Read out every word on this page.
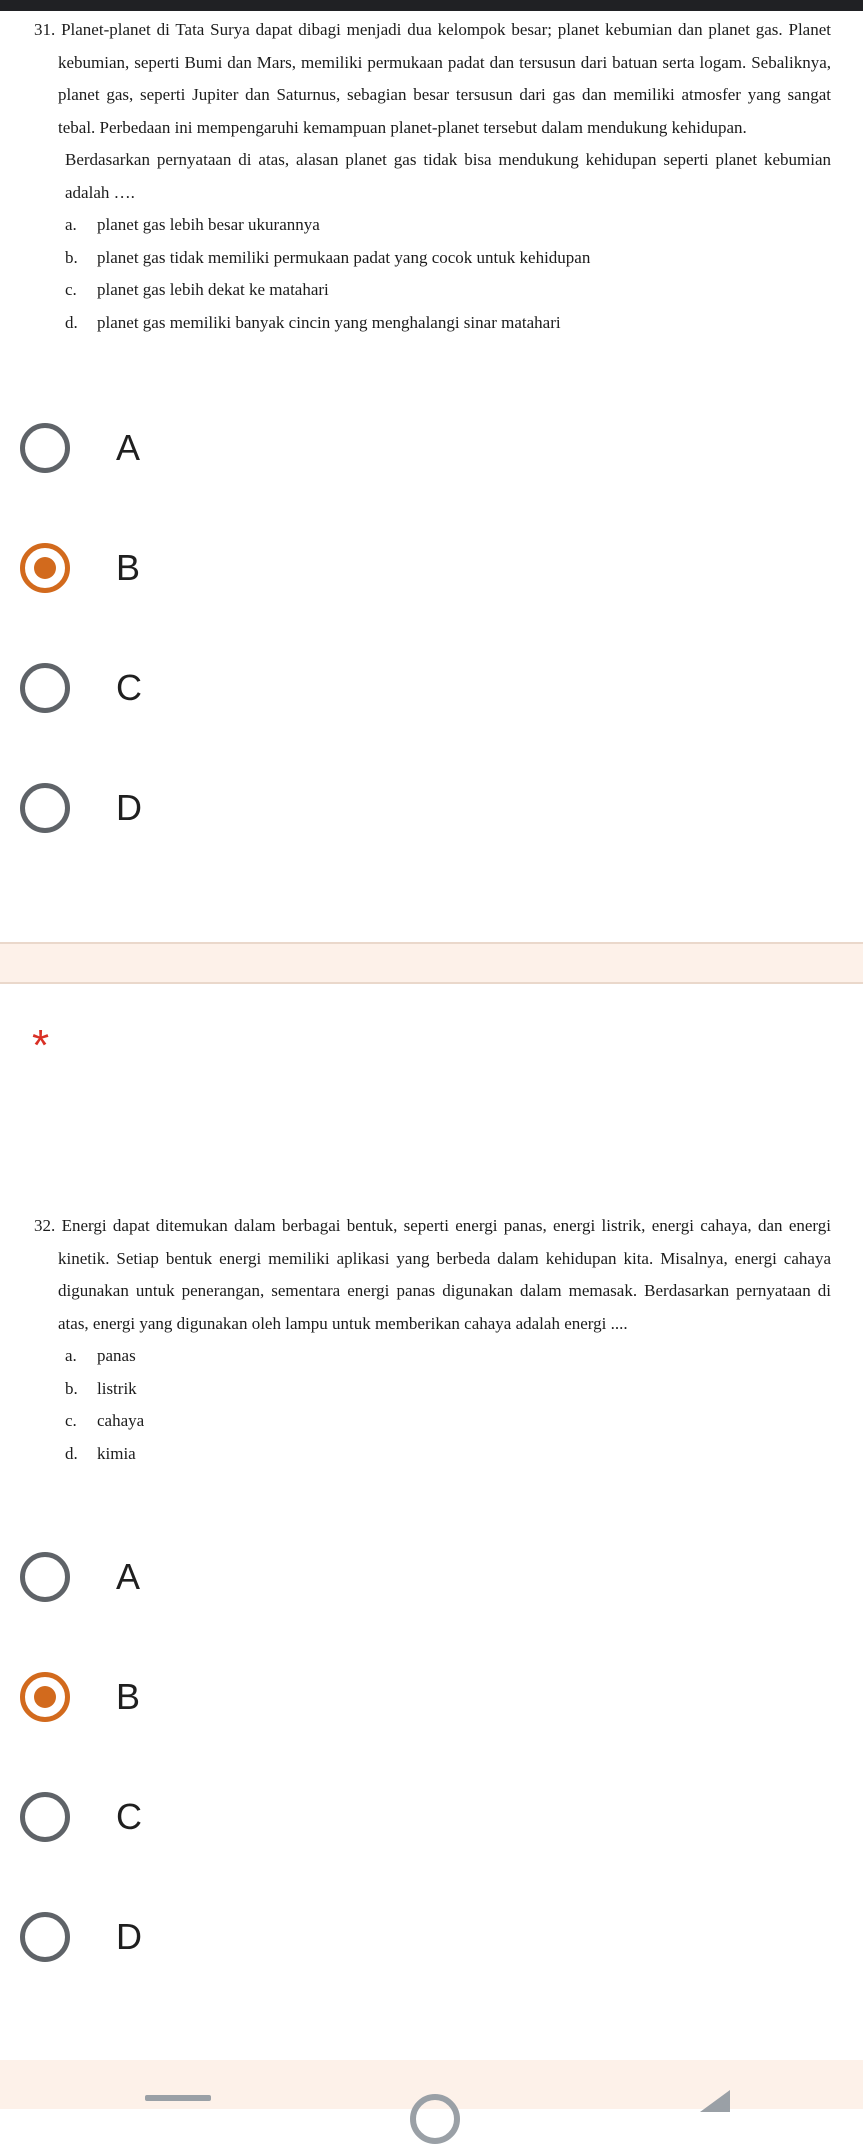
31. Planet-planet di Tata Surya dapat dibagi menjadi dua kelompok besar; planet kebumian dan planet gas. Planet kebumian, seperti Bumi dan Mars, memiliki permukaan padat dan tersusun dari batuan serta logam. Sebaliknya, planet gas, seperti Jupiter dan Saturnus, sebagian besar tersusun dari gas dan memiliki atmosfer yang sangat tebal. Perbedaan ini mempengaruhi kemampuan planet-planet tersebut dalam mendukung kehidupan.
Berdasarkan pernyataan di atas, alasan planet gas tidak bisa mendukung kehidupan seperti planet kebumian adalah ….
a. planet gas lebih besar ukurannya
b. planet gas tidak memiliki permukaan padat yang cocok untuk kehidupan
c. planet gas lebih dekat ke matahari
d. planet gas memiliki banyak cincin yang menghalangi sinar matahari
A
B
C
D
*
32. Energi dapat ditemukan dalam berbagai bentuk, seperti energi panas, energi listrik, energi cahaya, dan energi kinetik. Setiap bentuk energi memiliki aplikasi yang berbeda dalam kehidupan kita. Misalnya, energi cahaya digunakan untuk penerangan, sementara energi panas digunakan dalam memasak. Berdasarkan pernyataan di atas, energi yang digunakan oleh lampu untuk memberikan cahaya adalah energi ....
a. panas
b. listrik
c. cahaya
d. kimia
A
B
C
D
